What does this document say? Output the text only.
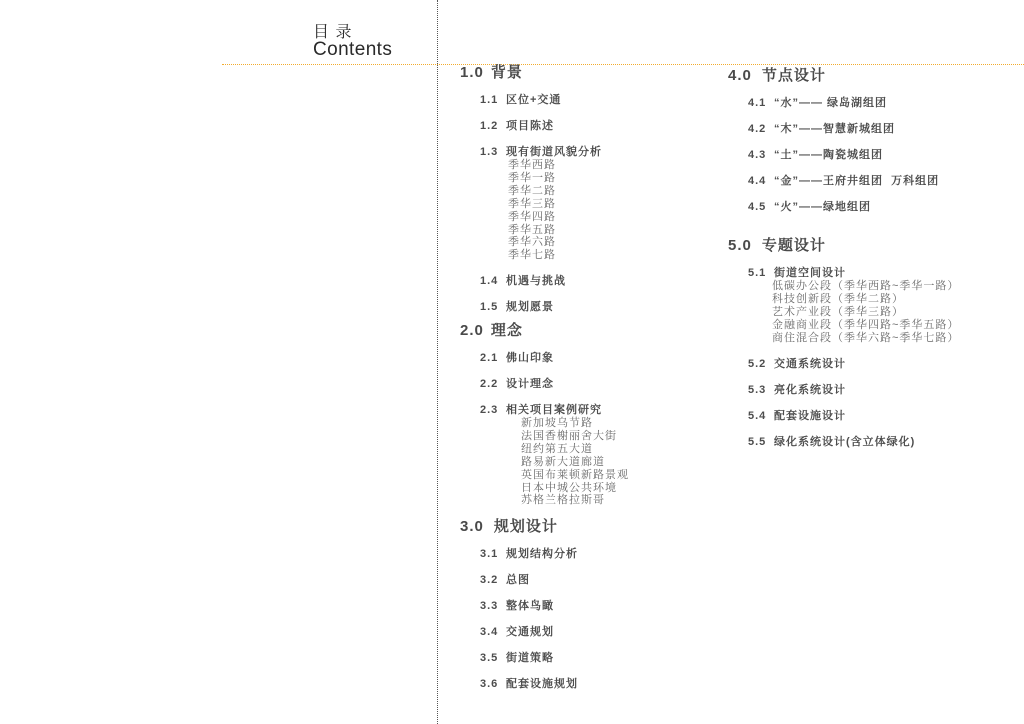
目 录
Contents
1.0 背景
1.1 区位+交通
1.2 项目陈述
1.3 现有街道风貌分析
季华西路
季华一路
季华二路
季华三路
季华四路
季华五路
季华六路
季华七路
1.4 机遇与挑战
1.5 规划愿景
2.0 理念
2.1 佛山印象
2.2 设计理念
2.3 相关项目案例研究
新加坡乌节路
法国香榭丽舍大街
纽约第五大道
路易新大道廊道
英国布莱顿新路景观
日本中城公共环境
苏格兰格拉斯哥
3.0 规划设计
3.1 规划结构分析
3.2 总图
3.3 整体鸟瞰
3.4 交通规划
3.5 街道策略
3.6 配套设施规划
4.0 节点设计
4.1 “水”—— 绿岛湖组团
4.2 “木”——智慧新城组团
4.3 “土”——陶瓷城组团
4.4 “金”——王府井组团  万科组团
4.5 “火”——绿地组团
5.0 专题设计
5.1 街道空间设计
低碳办公段（季华西路~季华一路）
科技创新段（季华二路）
艺术产业段（季华三路）
金融商业段（季华四路~季华五路）
商住混合段（季华六路~季华七路）
5.2 交通系统设计
5.3 亮化系统设计
5.4 配套设施设计
5.5 绿化系统设计(含立体绿化)
